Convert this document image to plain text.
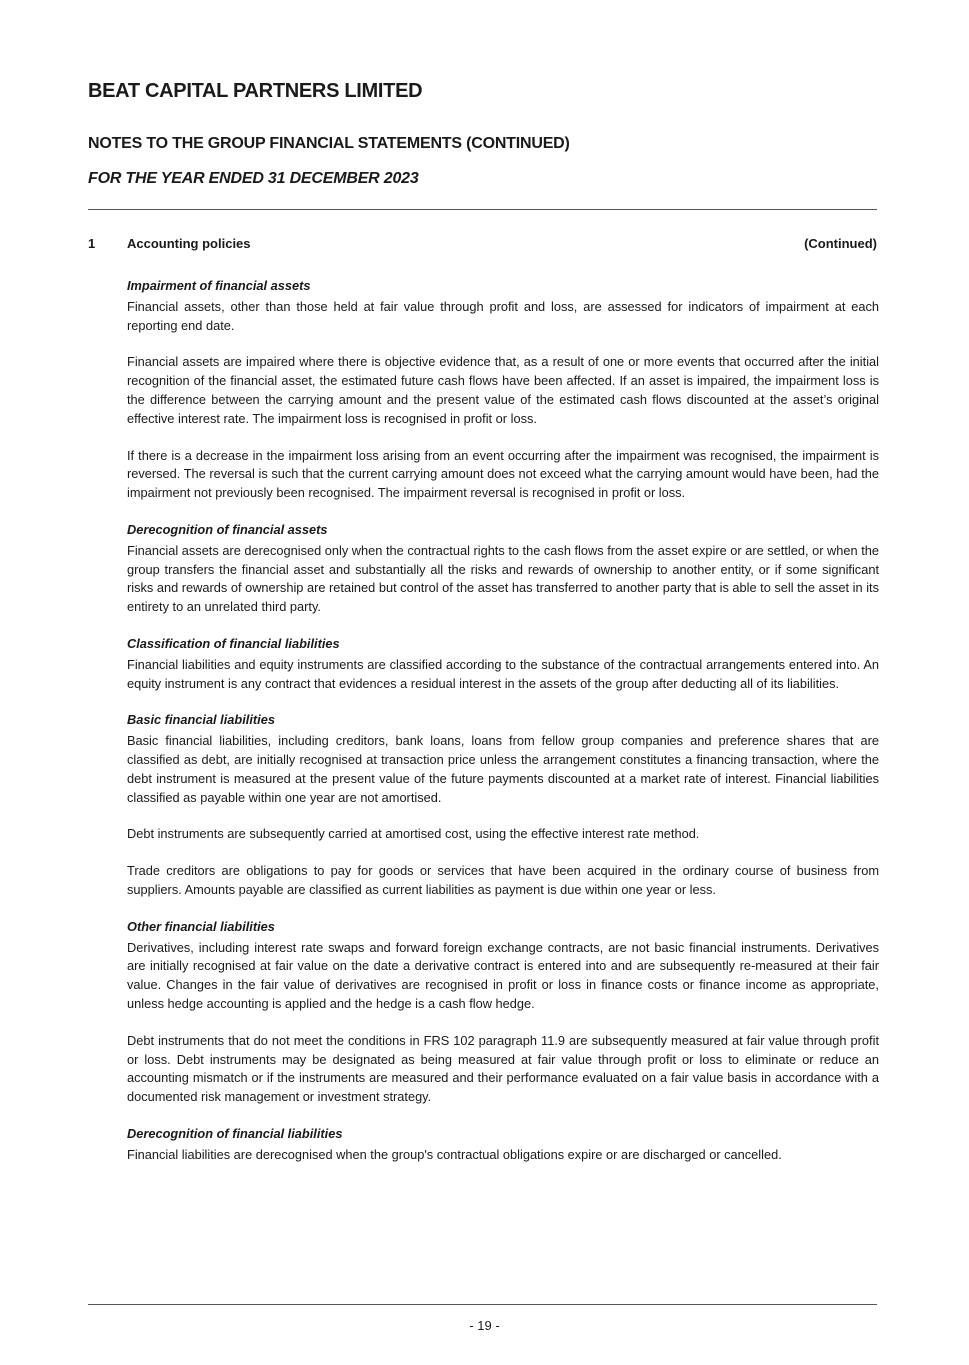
BEAT CAPITAL PARTNERS LIMITED
NOTES TO THE GROUP FINANCIAL STATEMENTS (CONTINUED)
FOR THE YEAR ENDED 31 DECEMBER 2023
1 Accounting policies	(Continued)
Impairment of financial assets

Financial assets, other than those held at fair value through profit and loss, are assessed for indicators of impairment at each reporting end date.

Financial assets are impaired where there is objective evidence that, as a result of one or more events that occurred after the initial recognition of the financial asset, the estimated future cash flows have been affected. If an asset is impaired, the impairment loss is the difference between the carrying amount and the present value of the estimated cash flows discounted at the asset’s original effective interest rate. The impairment loss is recognised in profit or loss.

If there is a decrease in the impairment loss arising from an event occurring after the impairment was recognised, the impairment is reversed. The reversal is such that the current carrying amount does not exceed what the carrying amount would have been, had the impairment not previously been recognised. The impairment reversal is recognised in profit or loss.

Derecognition of financial assets

Financial assets are derecognised only when the contractual rights to the cash flows from the asset expire or are settled, or when the group transfers the financial asset and substantially all the risks and rewards of ownership to another entity, or if some significant risks and rewards of ownership are retained but control of the asset has transferred to another party that is able to sell the asset in its entirety to an unrelated third party.

Classification of financial liabilities

Financial liabilities and equity instruments are classified according to the substance of the contractual arrangements entered into. An equity instrument is any contract that evidences a residual interest in the assets of the group after deducting all of its liabilities.

Basic financial liabilities

Basic financial liabilities, including creditors, bank loans, loans from fellow group companies and preference shares that are classified as debt, are initially recognised at transaction price unless the arrangement constitutes a financing transaction, where the debt instrument is measured at the present value of the future payments discounted at a market rate of interest. Financial liabilities classified as payable within one year are not amortised.

Debt instruments are subsequently carried at amortised cost, using the effective interest rate method.

Trade creditors are obligations to pay for goods or services that have been acquired in the ordinary course of business from suppliers. Amounts payable are classified as current liabilities as payment is due within one year or less.

Other financial liabilities

Derivatives, including interest rate swaps and forward foreign exchange contracts, are not basic financial instruments. Derivatives are initially recognised at fair value on the date a derivative contract is entered into and are subsequently re-measured at their fair value. Changes in the fair value of derivatives are recognised in profit or loss in finance costs or finance income as appropriate, unless hedge accounting is applied and the hedge is a cash flow hedge.

Debt instruments that do not meet the conditions in FRS 102 paragraph 11.9 are subsequently measured at fair value through profit or loss. Debt instruments may be designated as being measured at fair value through profit or loss to eliminate or reduce an accounting mismatch or if the instruments are measured and their performance evaluated on a fair value basis in accordance with a documented risk management or investment strategy.

Derecognition of financial liabilities

Financial liabilities are derecognised when the group's contractual obligations expire or are discharged or cancelled.

- 19 -
